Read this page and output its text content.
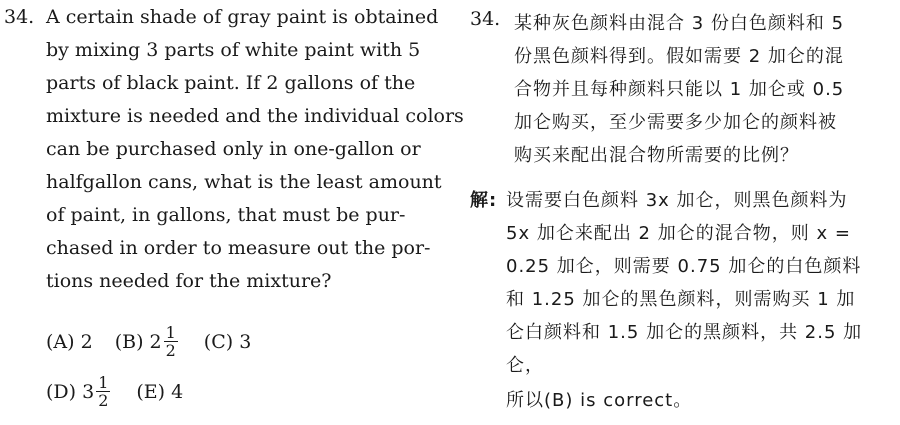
34. A certain shade of gray paint is obtained
by mixing 3 parts of white paint with 5
parts of black paint. If 2 gallons of the
mixture is needed and the individual colors
can be purchased only in one-gallon or
halfgallon cans, what is the least amount
of paint, in gallons, that must be pur-
chased in order to measure out the por-
tions needed for the mixture?
(A) 2 (B) $2 \frac{1}{2} (C)$ 3
(D) $3 \frac{1}{2} (E)$ 4
34. 某种灰色颜料由混合 3 份白色颜料和 5
份黑色颜料得到。假如需要 2 加仑的混
合物并且每种颜料只能以 1 加仑或 0.5
加仑购买，至少需要多少加仑的颜料被
购买来配出混合物所需要的比例？
解: 设需要白色颜料 3x 加仑，则黑色颜料为
5x 加仑来配出 2 加仑的混合物，则 x =
0.25 加仑，则需要 0.75 加仑的白色颜料
和 1.25 加仑的黑色颜料，则需购买 1 加
仑白颜料和 1.5 加仑的黑颜料，共 2.5 加
仑，
所以(B) is correct。
